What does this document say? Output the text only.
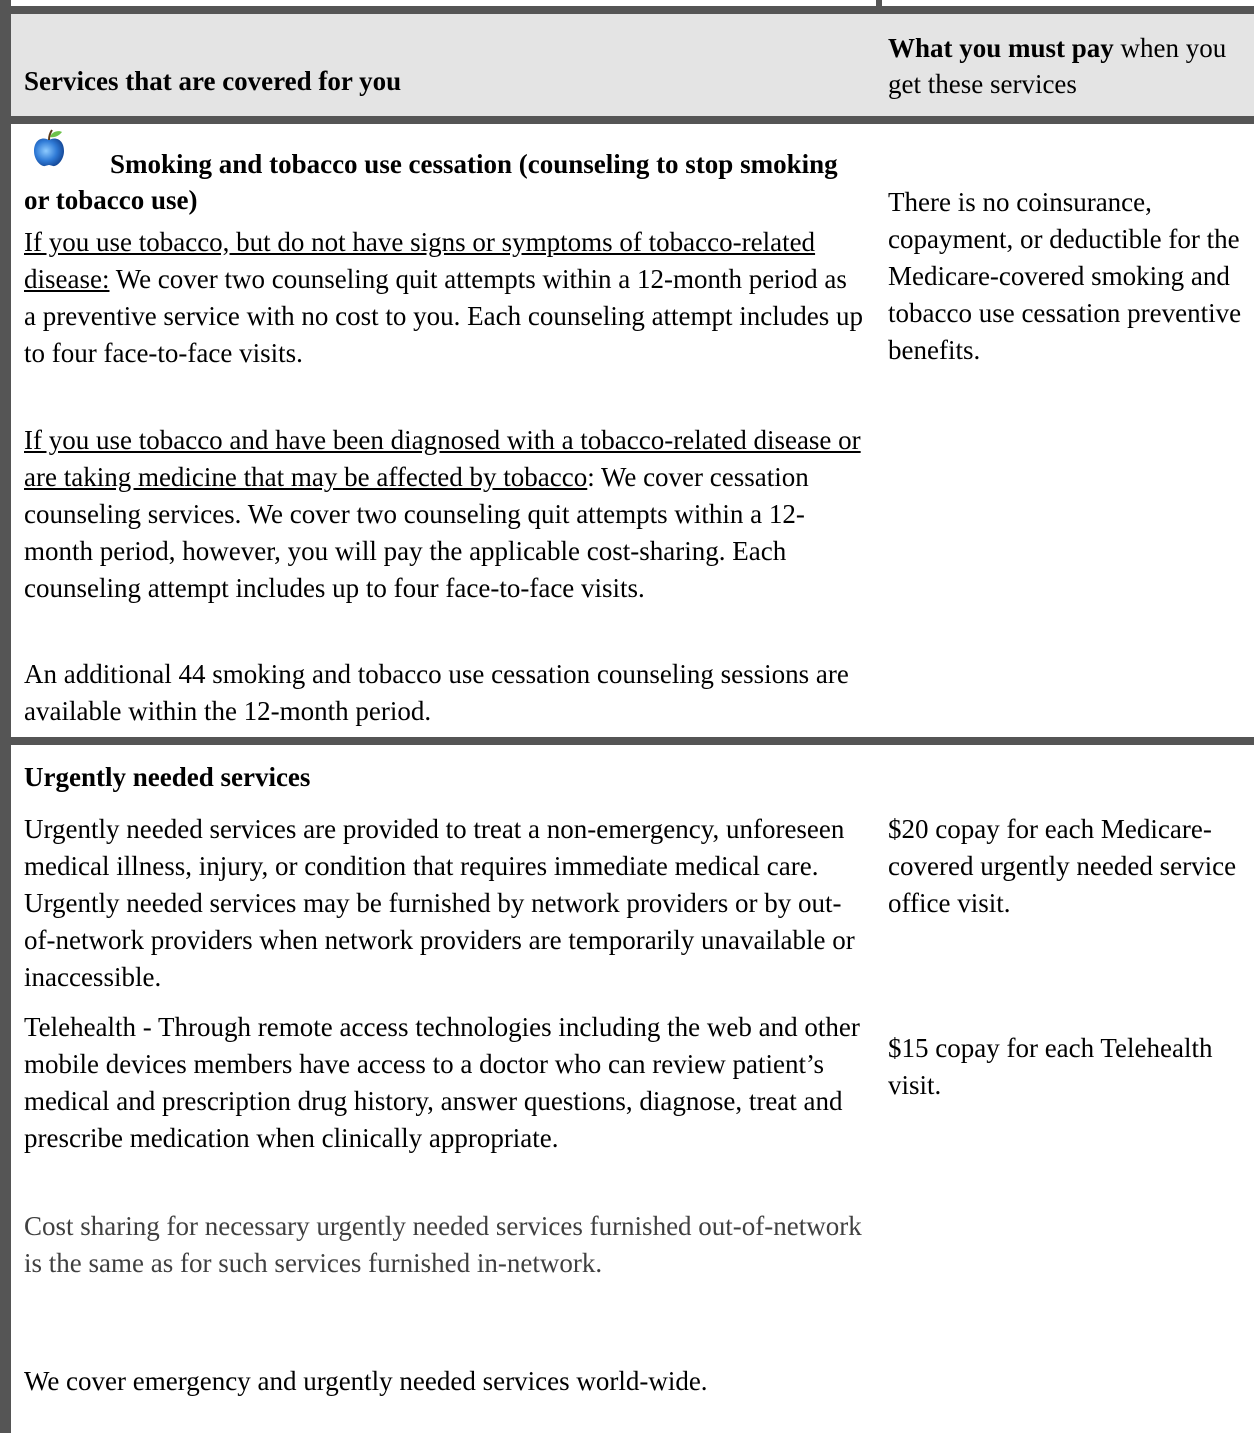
Services that are covered for you
What you must pay when you get these services
Smoking and tobacco use cessation (counseling to stop smoking or tobacco use)
If you use tobacco, but do not have signs or symptoms of tobacco-related disease: We cover two counseling quit attempts within a 12-month period as a preventive service with no cost to you. Each counseling attempt includes up to four face-to-face visits.
If you use tobacco and have been diagnosed with a tobacco-related disease or are taking medicine that may be affected by tobacco: We cover cessation counseling services. We cover two counseling quit attempts within a 12-month period, however, you will pay the applicable cost-sharing. Each counseling attempt includes up to four face-to-face visits.
An additional 44 smoking and tobacco use cessation counseling sessions are available within the 12-month period.
There is no coinsurance, copayment, or deductible for the Medicare-covered smoking and tobacco use cessation preventive benefits.
Urgently needed services
Urgently needed services are provided to treat a non-emergency, unforeseen medical illness, injury, or condition that requires immediate medical care. Urgently needed services may be furnished by network providers or by out-of-network providers when network providers are temporarily unavailable or inaccessible.
Telehealth - Through remote access technologies including the web and other mobile devices members have access to a doctor who can review patient’s medical and prescription drug history, answer questions, diagnose, treat and prescribe medication when clinically appropriate.
Cost sharing for necessary urgently needed services furnished out-of-network is the same as for such services furnished in-network.
We cover emergency and urgently needed services world-wide.
$20 copay for each Medicare-covered urgently needed service office visit.
$15 copay for each Telehealth visit.
